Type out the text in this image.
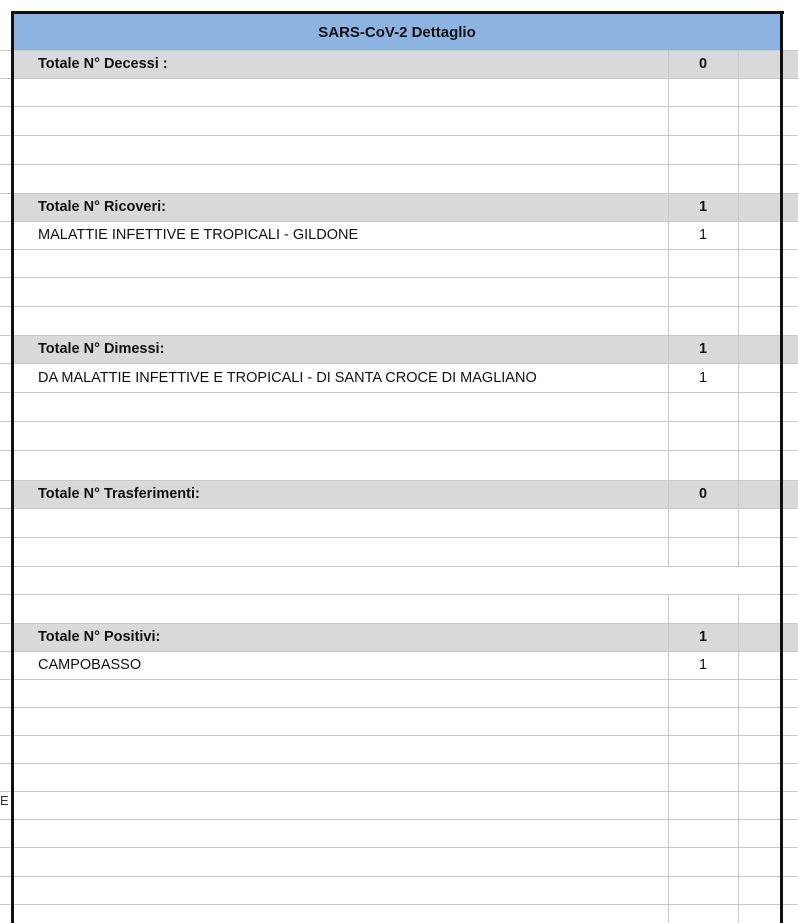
SARS-CoV-2 Dettaglio
Totale N° Decessi :	0
Totale N° Ricoveri:	1
MALATTIE INFETTIVE E TROPICALI - GILDONE	1
Totale N° Dimessi:	1
DA MALATTIE INFETTIVE E TROPICALI - DI SANTA CROCE DI MAGLIANO	1
Totale N° Trasferimenti:	0
Totale N° Positivi:	1
CAMPOBASSO	1
E
